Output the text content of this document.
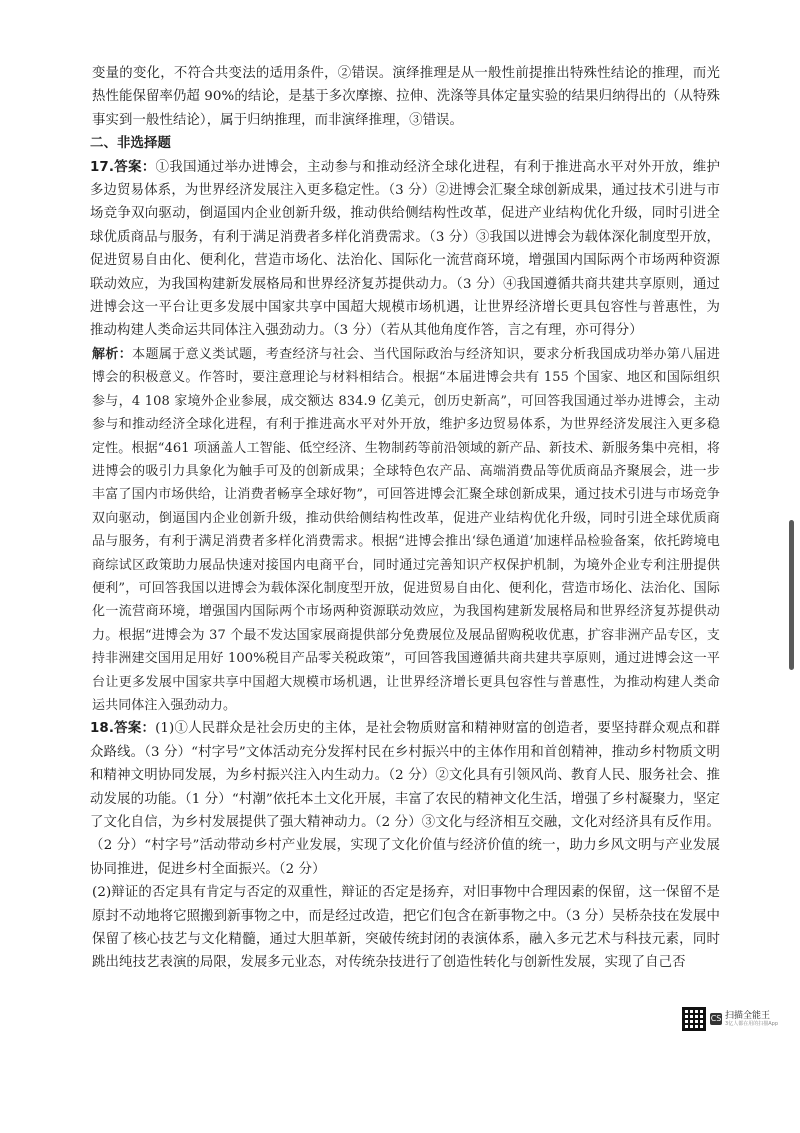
变量的变化，不符合共变法的适用条件，②错误。演绎推理是从一般性前提推出特殊性结论的推理，而光热性能保留率仍超 90%的结论，是基于多次摩擦、拉伸、洗涤等具体定量实验的结果归纳得出的（从特殊事实到一般性结论），属于归纳推理，而非演绎推理，③错误。

二、非选择题

17.答案：①我国通过举办进博会，主动参与和推动经济全球化进程，有利于推进高水平对外开放，维护多边贸易体系，为世界经济发展注入更多稳定性。（3 分）②进博会汇聚全球创新成果，通过技术引进与市场竞争双向驱动，倒逼国内企业创新升级，推动供给侧结构性改革，促进产业结构优化升级，同时引进全球优质商品与服务，有利于满足消费者多样化消费需求。（3 分）③我国以进博会为载体深化制度型开放，促进贸易自由化、便利化，营造市场化、法治化、国际化一流营商环境，增强国内国际两个市场两种资源联动效应，为我国构建新发展格局和世界经济复苏提供动力。（3 分）④我国遵循共商共建共享原则，通过进博会这一平台让更多发展中国家共享中国超大规模市场机遇，让世界经济增长更具包容性与普惠性，为推动构建人类命运共同体注入强劲动力。（3 分）（若从其他角度作答，言之有理，亦可得分）

解析：本题属于意义类试题，考查经济与社会、当代国际政治与经济知识，要求分析我国成功举办第八届进博会的积极意义。作答时，要注意理论与材料相结合。根据“本届进博会共有 155 个国家、地区和国际组织参与，4 108 家境外企业参展，成交额达 834.9 亿美元，创历史新高”，可回答我国通过举办进博会，主动参与和推动经济全球化进程，有利于推进高水平对外开放，维护多边贸易体系，为世界经济发展注入更多稳定性。根据“461 项涵盖人工智能、低空经济、生物制药等前沿领域的新产品、新技术、新服务集中亮相，将进博会的吸引力具象化为触手可及的创新成果；全球特色农产品、高端消费品等优质商品齐聚展会，进一步丰富了国内市场供给，让消费者畅享全球好物”，可回答进博会汇聚全球创新成果，通过技术引进与市场竞争双向驱动，倒逼国内企业创新升级，推动供给侧结构性改革，促进产业结构优化升级，同时引进全球优质商品与服务，有利于满足消费者多样化消费需求。根据“进博会推出‘绿色通道’加速样品检验备案，依托跨境电商综试区政策助力展品快速对接国内电商平台，同时通过完善知识产权保护机制，为境外企业专利注册提供便利”，可回答我国以进博会为载体深化制度型开放，促进贸易自由化、便利化，营造市场化、法治化、国际化一流营商环境，增强国内国际两个市场两种资源联动效应，为我国构建新发展格局和世界经济复苏提供动力。根据“进博会为 37 个最不发达国家展商提供部分免费展位及展品留购税收优惠，扩容非洲产品专区，支持非洲建交国用足用好 100%税目产品零关税政策”，可回答我国遵循共商共建共享原则，通过进博会这一平台让更多发展中国家共享中国超大规模市场机遇，让世界经济增长更具包容性与普惠性，为推动构建人类命运共同体注入强劲动力。

18.答案：(1)①人民群众是社会历史的主体，是社会物质财富和精神财富的创造者，要坚持群众观点和群众路线。（3 分）“村字号”文体活动充分发挥村民在乡村振兴中的主体作用和首创精神，推动乡村物质文明和精神文明协同发展，为乡村振兴注入内生动力。（2 分）②文化具有引领风尚、教育人民、服务社会、推动发展的功能。（1 分）“村潮”依托本土文化开展，丰富了农民的精神文化生活，增强了乡村凝聚力，坚定了文化自信，为乡村发展提供了强大精神动力。（2 分）③文化与经济相互交融，文化对经济具有反作用。（2 分）“村字号”活动带动乡村产业发展，实现了文化价值与经济价值的统一，助力乡风文明与产业发展协同推进，促进乡村全面振兴。（2 分）

(2)辩证的否定具有肯定与否定的双重性，辩证的否定是扬弃，对旧事物中合理因素的保留，这一保留不是原封不动地将它照搬到新事物之中，而是经过改造，把它们包含在新事物之中。（3 分）吴桥杂技在发展中保留了核心技艺与文化精髓，通过大胆革新，突破传统封闭的表演体系，融入多元艺术与科技元素，同时跳出纯技艺表演的局限，发展多元业态，对传统杂技进行了创造性转化与创新性发展，实现了自己否

CS 扫描全能王
3亿人都在用的扫描App
